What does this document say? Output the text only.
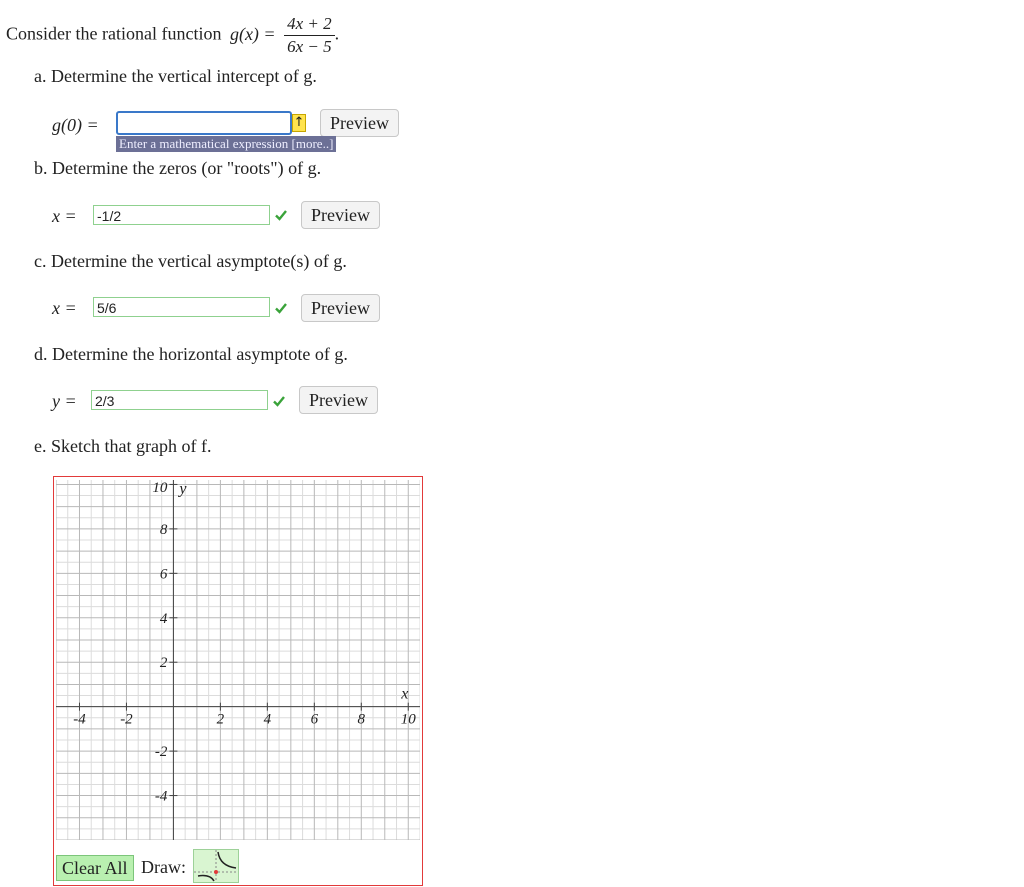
Consider the rational function $g(x) = \frac{4x + 2}{6x - 5}$ .
a. Determine the vertical intercept of g.
g(0) =	↑	Preview
Enter a mathematical expression [more..]
b. Determine the zeros (or "roots") of g.
x = -1/2	Preview
c. Determine the vertical asymptote(s) of g.
x = 5/6	Preview
d. Determine the horizontal asymptote of g.
y = 2/3	Preview
e. Sketch that graph of f.
-4 -2	2	4	6	8 10
10
8
6
4
2
-2
-4
x
y
Clear All Draw:
